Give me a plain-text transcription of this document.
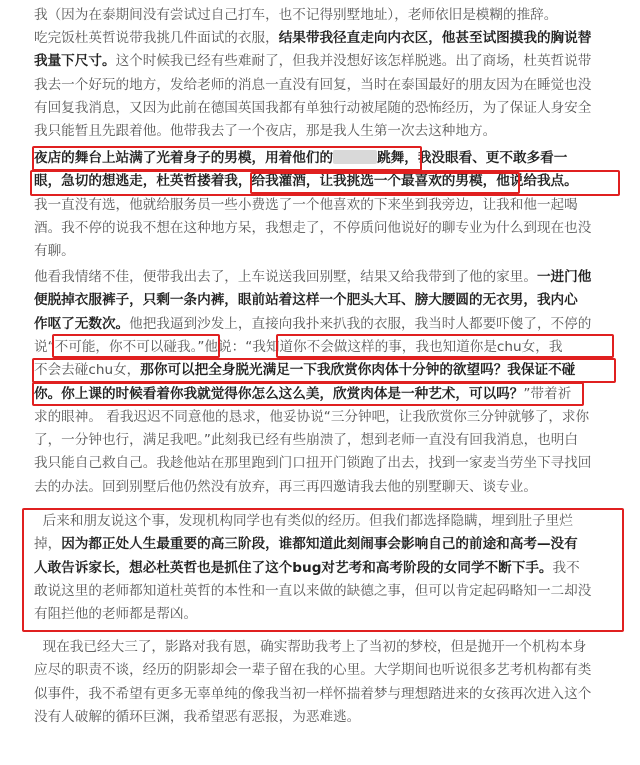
我（因为在泰期间没有尝试过自己打车，也不记得别墅地址），老师依旧是模糊的推辞。
吃完饭杜英哲说带我挑几件面试的衣服，结果带我径直走向内衣区，他甚至试图摸我的胸说替
我量下尺寸。这个时候我已经有些难耐了，但我并没想好该怎样脱逃。出了商场，杜英哲说带
我去一个好玩的地方，发给老师的消息一直没有回复，当时在泰国最好的朋友因为在睡觉也没
有回复我消息，又因为此前在德国英国我都有单独行动被尾随的恐怖经历，为了保证人身安全
我只能暂且先跟着他。他带我去了一个夜店，那是我人生第一次去这种地方。
夜店的舞台上站满了光着身子的男模，用着他们的	跳舞，我没眼看、更不敢多看一
眼，急切的想逃走，杜英哲搂着我，给我灌酒，让我挑选一个最喜欢的男模，他说给我点。
我一直没有选，他就给服务员一些小费选了一个他喜欢的下来坐到我旁边，让我和他一起喝
酒。我不停的说我不想在这种地方呆，我想走了，不停质问他说好的聊专业为什么到现在也没
有聊。
他看我情绪不佳，便带我出去了，上车说送我回别墅，结果又给我带到了他的家里。一进门他
便脱掉衣服裤子，只剩一条内裤，眼前站着这样一个肥头大耳、膀大腰圆的无衣男，我内心
作呕了无数次。他把我逼到沙发上，直接向我扑来扒我的衣服，我当时人都要吓傻了，不停的
说“不可能，你不可以碰我。”他说：“我知道你不会做这样的事，我也知道你是chu女，我
不会去碰chu女，那你可以把全身脱光满足一下我欣赏你肉体十分钟的欲望吗？我保证不碰
你。你上课的时候看着你我就觉得你怎么这么美，欣赏肉体是一种艺术，可以吗？”带着祈
求的眼神。 看我迟迟不同意他的恳求，他妥协说“三分钟吧，让我欣赏你三分钟就够了，求你
了，一分钟也行，满足我吧。”此刻我已经有些崩溃了，想到老师一直没有回我消息，也明白
我只能自己救自己。我趁他站在那里跑到门口扭开门锁跑了出去，找到一家麦当劳坐下寻找回
去的办法。回到别墅后他仍然没有放弃，再三再四邀请我去他的别墅聊天、谈专业。
后来和朋友说这个事，发现机构同学也有类似的经历。但我们都选择隐瞒，埋到肚子里烂
掉，因为都正处人生最重要的高三阶段，谁都知道此刻闹事会影响自己的前途和高考—没有
人敢告诉家长，想必杜英哲也是抓住了这个bug对艺考和高考阶段的女同学不断下手。我不
敢说这里的老师都知道杜英哲的本性和一直以来做的缺德之事，但可以肯定起码略知一二却没
有阻拦他的老师都是帮凶。
现在我已经大三了，影路对我有恩，确实帮助我考上了当初的梦校，但是抛开一个机构本身
应尽的职责不谈，经历的阴影却会一辈子留在我的心里。大学期间也听说很多艺考机构都有类
似事件，我不希望有更多无辜单纯的像我当初一样怀揣着梦与理想踏进来的女孩再次进入这个
没有人破解的循环巨渊，我希望恶有恶报，为恶难逃。
